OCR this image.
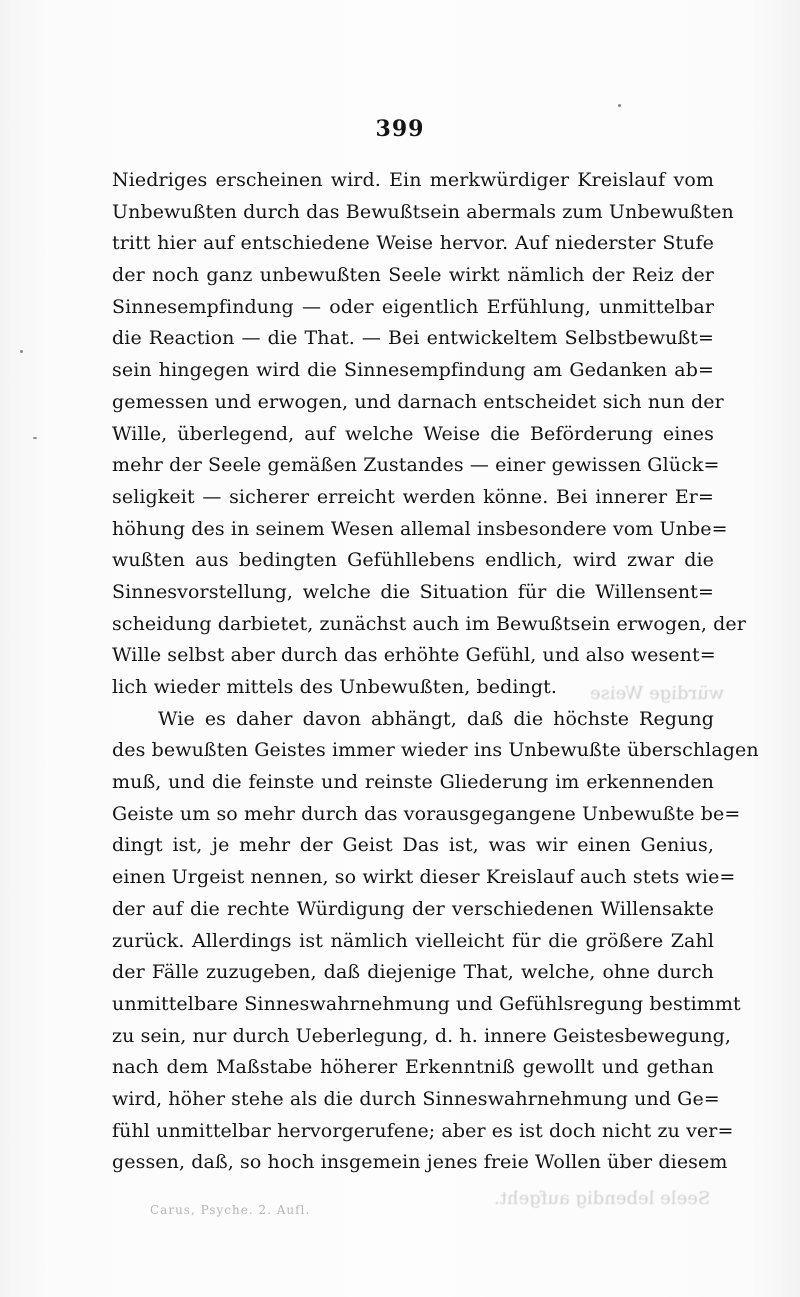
399
Niedriges erscheinen wird. Ein merkwürdiger Kreislauf vom
Unbewußten durch das Bewußtsein abermals zum Unbewußten
tritt hier auf entschiedene Weise hervor. Auf niederster Stufe
der noch ganz unbewußten Seele wirkt nämlich der Reiz der
Sinnesempfindung — oder eigentlich Erfühlung, unmittelbar
die Reaction — die That. — Bei entwickeltem Selbstbewußt=
sein hingegen wird die Sinnesempfindung am Gedanken ab=
gemessen und erwogen, und darnach entscheidet sich nun der
Wille, überlegend, auf welche Weise die Beförderung eines
mehr der Seele gemäßen Zustandes — einer gewissen Glück=
seligkeit — sicherer erreicht werden könne. Bei innerer Er=
höhung des in seinem Wesen allemal insbesondere vom Unbe=
wußten aus bedingten Gefühllebens endlich, wird zwar die
Sinnesvorstellung, welche die Situation für die Willensent=
scheidung darbietet, zunächst auch im Bewußtsein erwogen, der
Wille selbst aber durch das erhöhte Gefühl, und also wesent=
lich wieder mittels des Unbewußten, bedingt.
Wie es daher davon abhängt, daß die höchste Regung
des bewußten Geistes immer wieder ins Unbewußte überschlagen
muß, und die feinste und reinste Gliederung im erkennenden
Geiste um so mehr durch das vorausgegangene Unbewußte be=
dingt ist, je mehr der Geist Das ist, was wir einen Genius,
einen Urgeist nennen, so wirkt dieser Kreislauf auch stets wie=
der auf die rechte Würdigung der verschiedenen Willensakte
zurück. Allerdings ist nämlich vielleicht für die größere Zahl
der Fälle zuzugeben, daß diejenige That, welche, ohne durch
unmittelbare Sinneswahrnehmung und Gefühlsregung bestimmt
zu sein, nur durch Ueberlegung, d. h. innere Geistesbewegung,
nach dem Maßstabe höherer Erkenntniß gewollt und gethan
wird, höher stehe als die durch Sinneswahrnehmung und Ge=
fühl unmittelbar hervorgerufene; aber es ist doch nicht zu ver=
gessen, daß, so hoch insgemein jenes freie Wollen über diesem
würdige Weise
Seele lebendig aufgeht.
Carus, Psyche. 2. Aufl.
